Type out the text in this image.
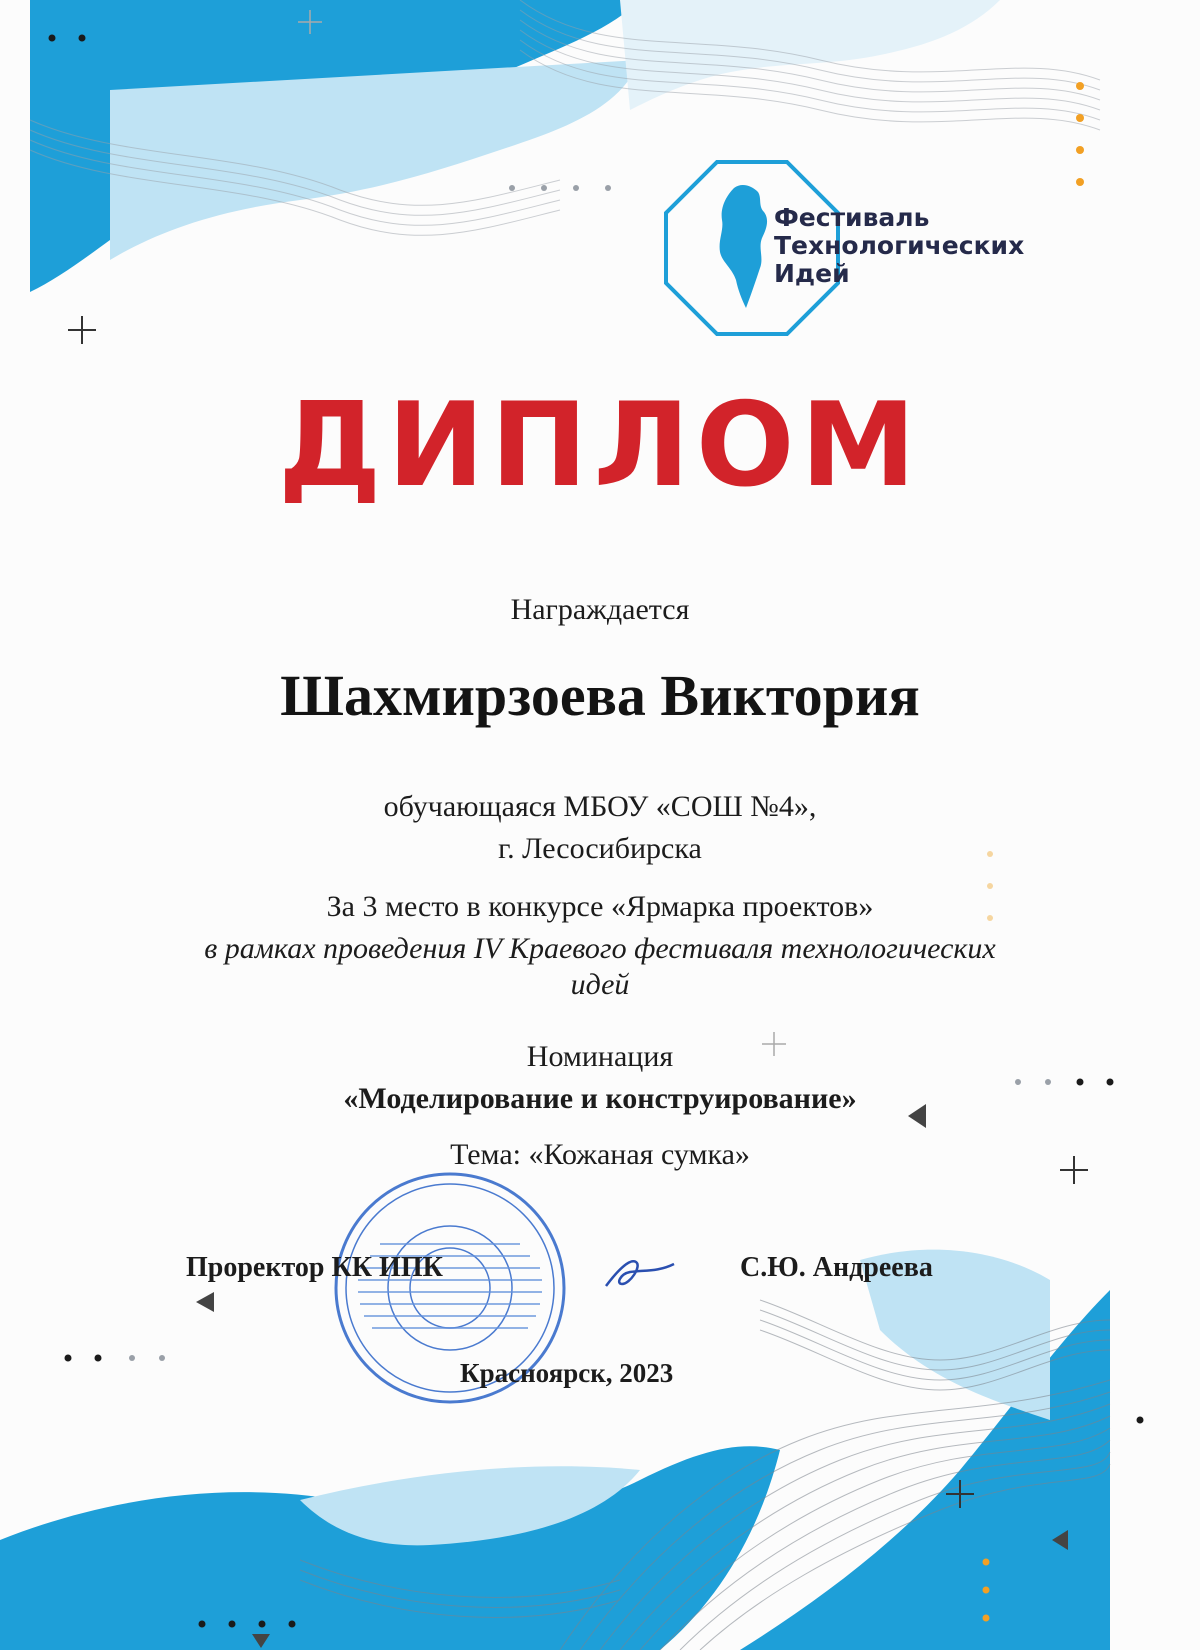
Фестиваль
Технологических
Идей
ДИПЛОМ
Награждается
Шахмирзоева Виктория
обучающаяся МБОУ «СОШ №4»,
г. Лесосибирска
За 3 место в конкурсе «Ярмарка проектов»
в рамках проведения IV Краевого фестиваля технологических
идей
Номинация
«Моделирование и конструирование»
Тема: «Кожаная сумка»
Проректор КК ИПК	С.Ю. Андреева
Красноярск, 2023
